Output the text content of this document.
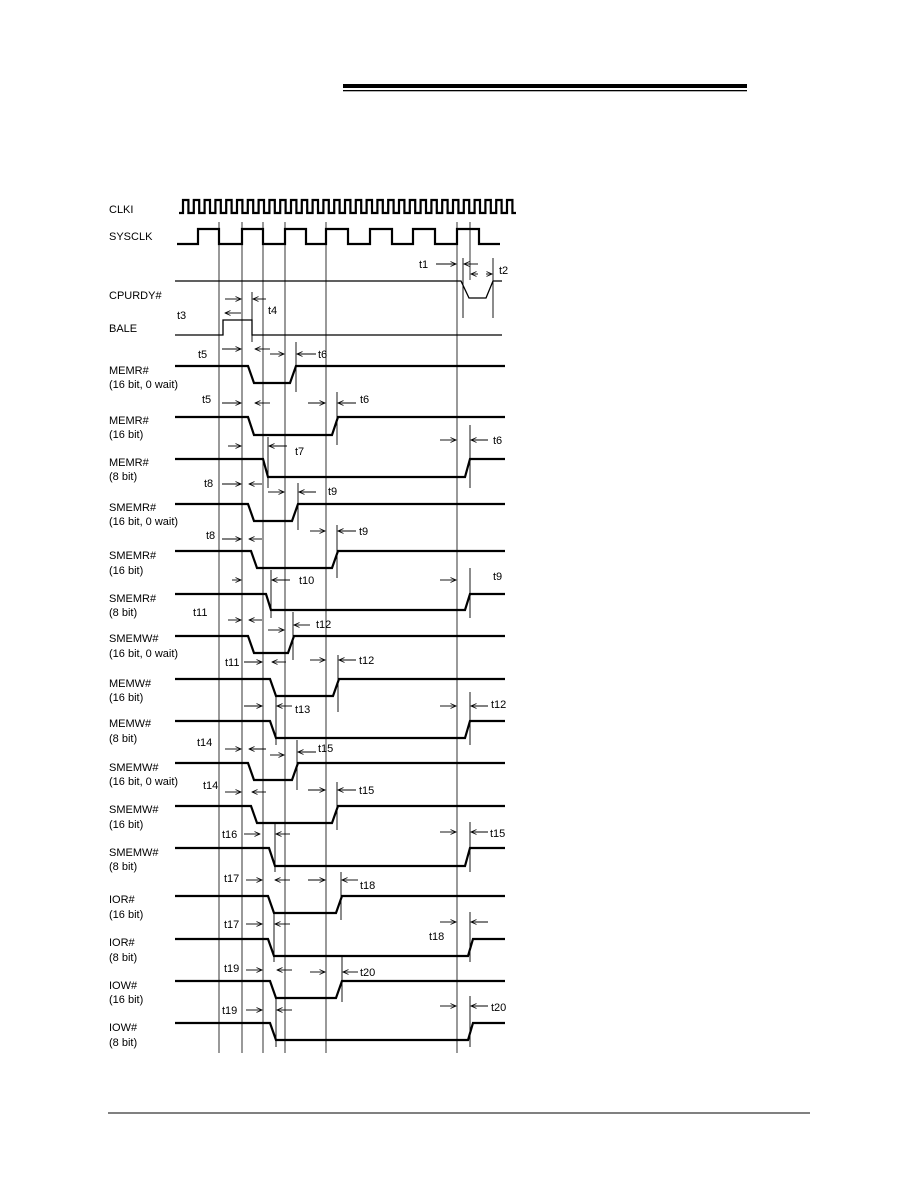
CLKI
SYSCLK
CPURDY#
BALE
MEMR#
(16 bit, 0 wait)
MEMR#
(16 bit)
MEMR#
(8 bit)
SMEMR#
(16 bit, 0 wait)
SMEMR#
(16 bit)
SMEMR#
(8 bit)
SMEMW#
(16 bit, 0 wait)
MEMW#
(16 bit)
MEMW#
(8 bit)
SMEMW#
(16 bit, 0 wait)
SMEMW#
(16 bit)
SMEMW#
(8 bit)
IOR#
(16 bit)
IOR#
(8 bit)
IOW#
(16 bit)
IOW#
(8 bit)
t1	t2
t3	t4
t5	t6
t5	t6
t7
t6
t8
t9
t8	t9
t10	t9
t11
t12
t11	t12
t13	t12
t14	t15
t14	t15
t16	t15
t17
t18
t17
t18
t19	t20
t19	t20
